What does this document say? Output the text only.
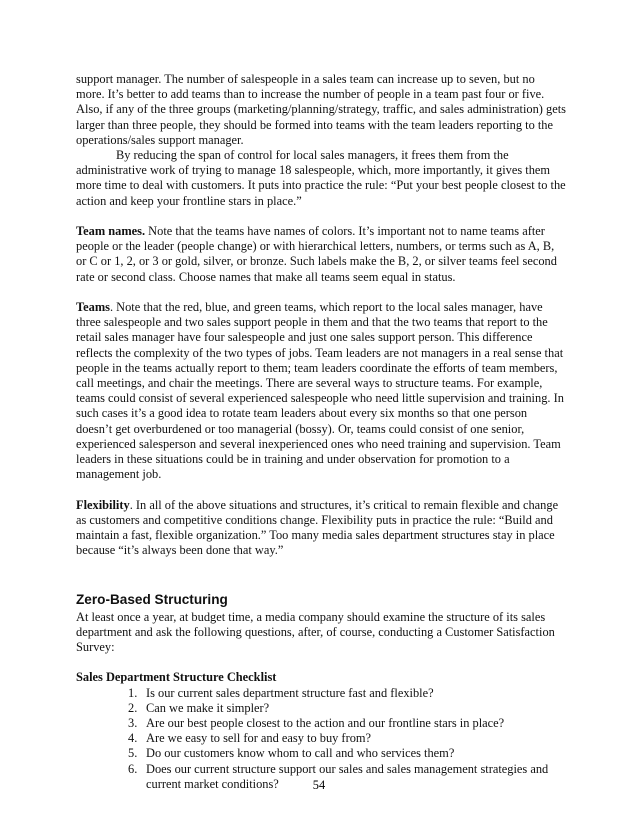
support manager. The number of salespeople in a sales team can increase up to seven, but no more. It’s better to add teams than to increase the number of people in a team past four or five. Also, if any of the three groups (marketing/planning/strategy, traffic, and sales administration) gets larger than three people, they should be formed into teams with the team leaders reporting to the operations/sales support manager.

By reducing the span of control for local sales managers, it frees them from the administrative work of trying to manage 18 salespeople, which, more importantly, it gives them more time to deal with customers. It puts into practice the rule: “Put your best people closest to the action and keep your frontline stars in place.”

Team names. Note that the teams have names of colors. It’s important not to name teams after people or the leader (people change) or with hierarchical letters, numbers, or terms such as A, B, or C or 1, 2, or 3 or gold, silver, or bronze. Such labels make the B, 2, or silver teams feel second rate or second class. Choose names that make all teams seem equal in status.

Teams. Note that the red, blue, and green teams, which report to the local sales manager, have three salespeople and two sales support people in them and that the two teams that report to the retail sales manager have four salespeople and just one sales support person. This difference reflects the complexity of the two types of jobs. Team leaders are not managers in a real sense that people in the teams actually report to them; team leaders coordinate the efforts of team members, call meetings, and chair the meetings. There are several ways to structure teams. For example, teams could consist of several experienced salespeople who need little supervision and training. In such cases it’s a good idea to rotate team leaders about every six months so that one person doesn’t get overburdened or too managerial (bossy). Or, teams could consist of one senior, experienced salesperson and several inexperienced ones who need training and supervision. Team leaders in these situations could be in training and under observation for promotion to a management job.

Flexibility. In all of the above situations and structures, it’s critical to remain flexible and change as customers and competitive conditions change. Flexibility puts in practice the rule: “Build and maintain a fast, flexible organization.” Too many media sales department structures stay in place because “it’s always been done that way.”

Zero-Based Structuring

At least once a year, at budget time, a media company should examine the structure of its sales department and ask the following questions, after, of course, conducting a Customer Satisfaction Survey:

Sales Department Structure Checklist

1. Is our current sales department structure fast and flexible?
2. Can we make it simpler?
3. Are our best people closest to the action and our frontline stars in place?
4. Are we easy to sell for and easy to buy from?
5. Do our customers know whom to call and who services them?
6. Does our current structure support our sales and sales management strategies and current market conditions?	54
